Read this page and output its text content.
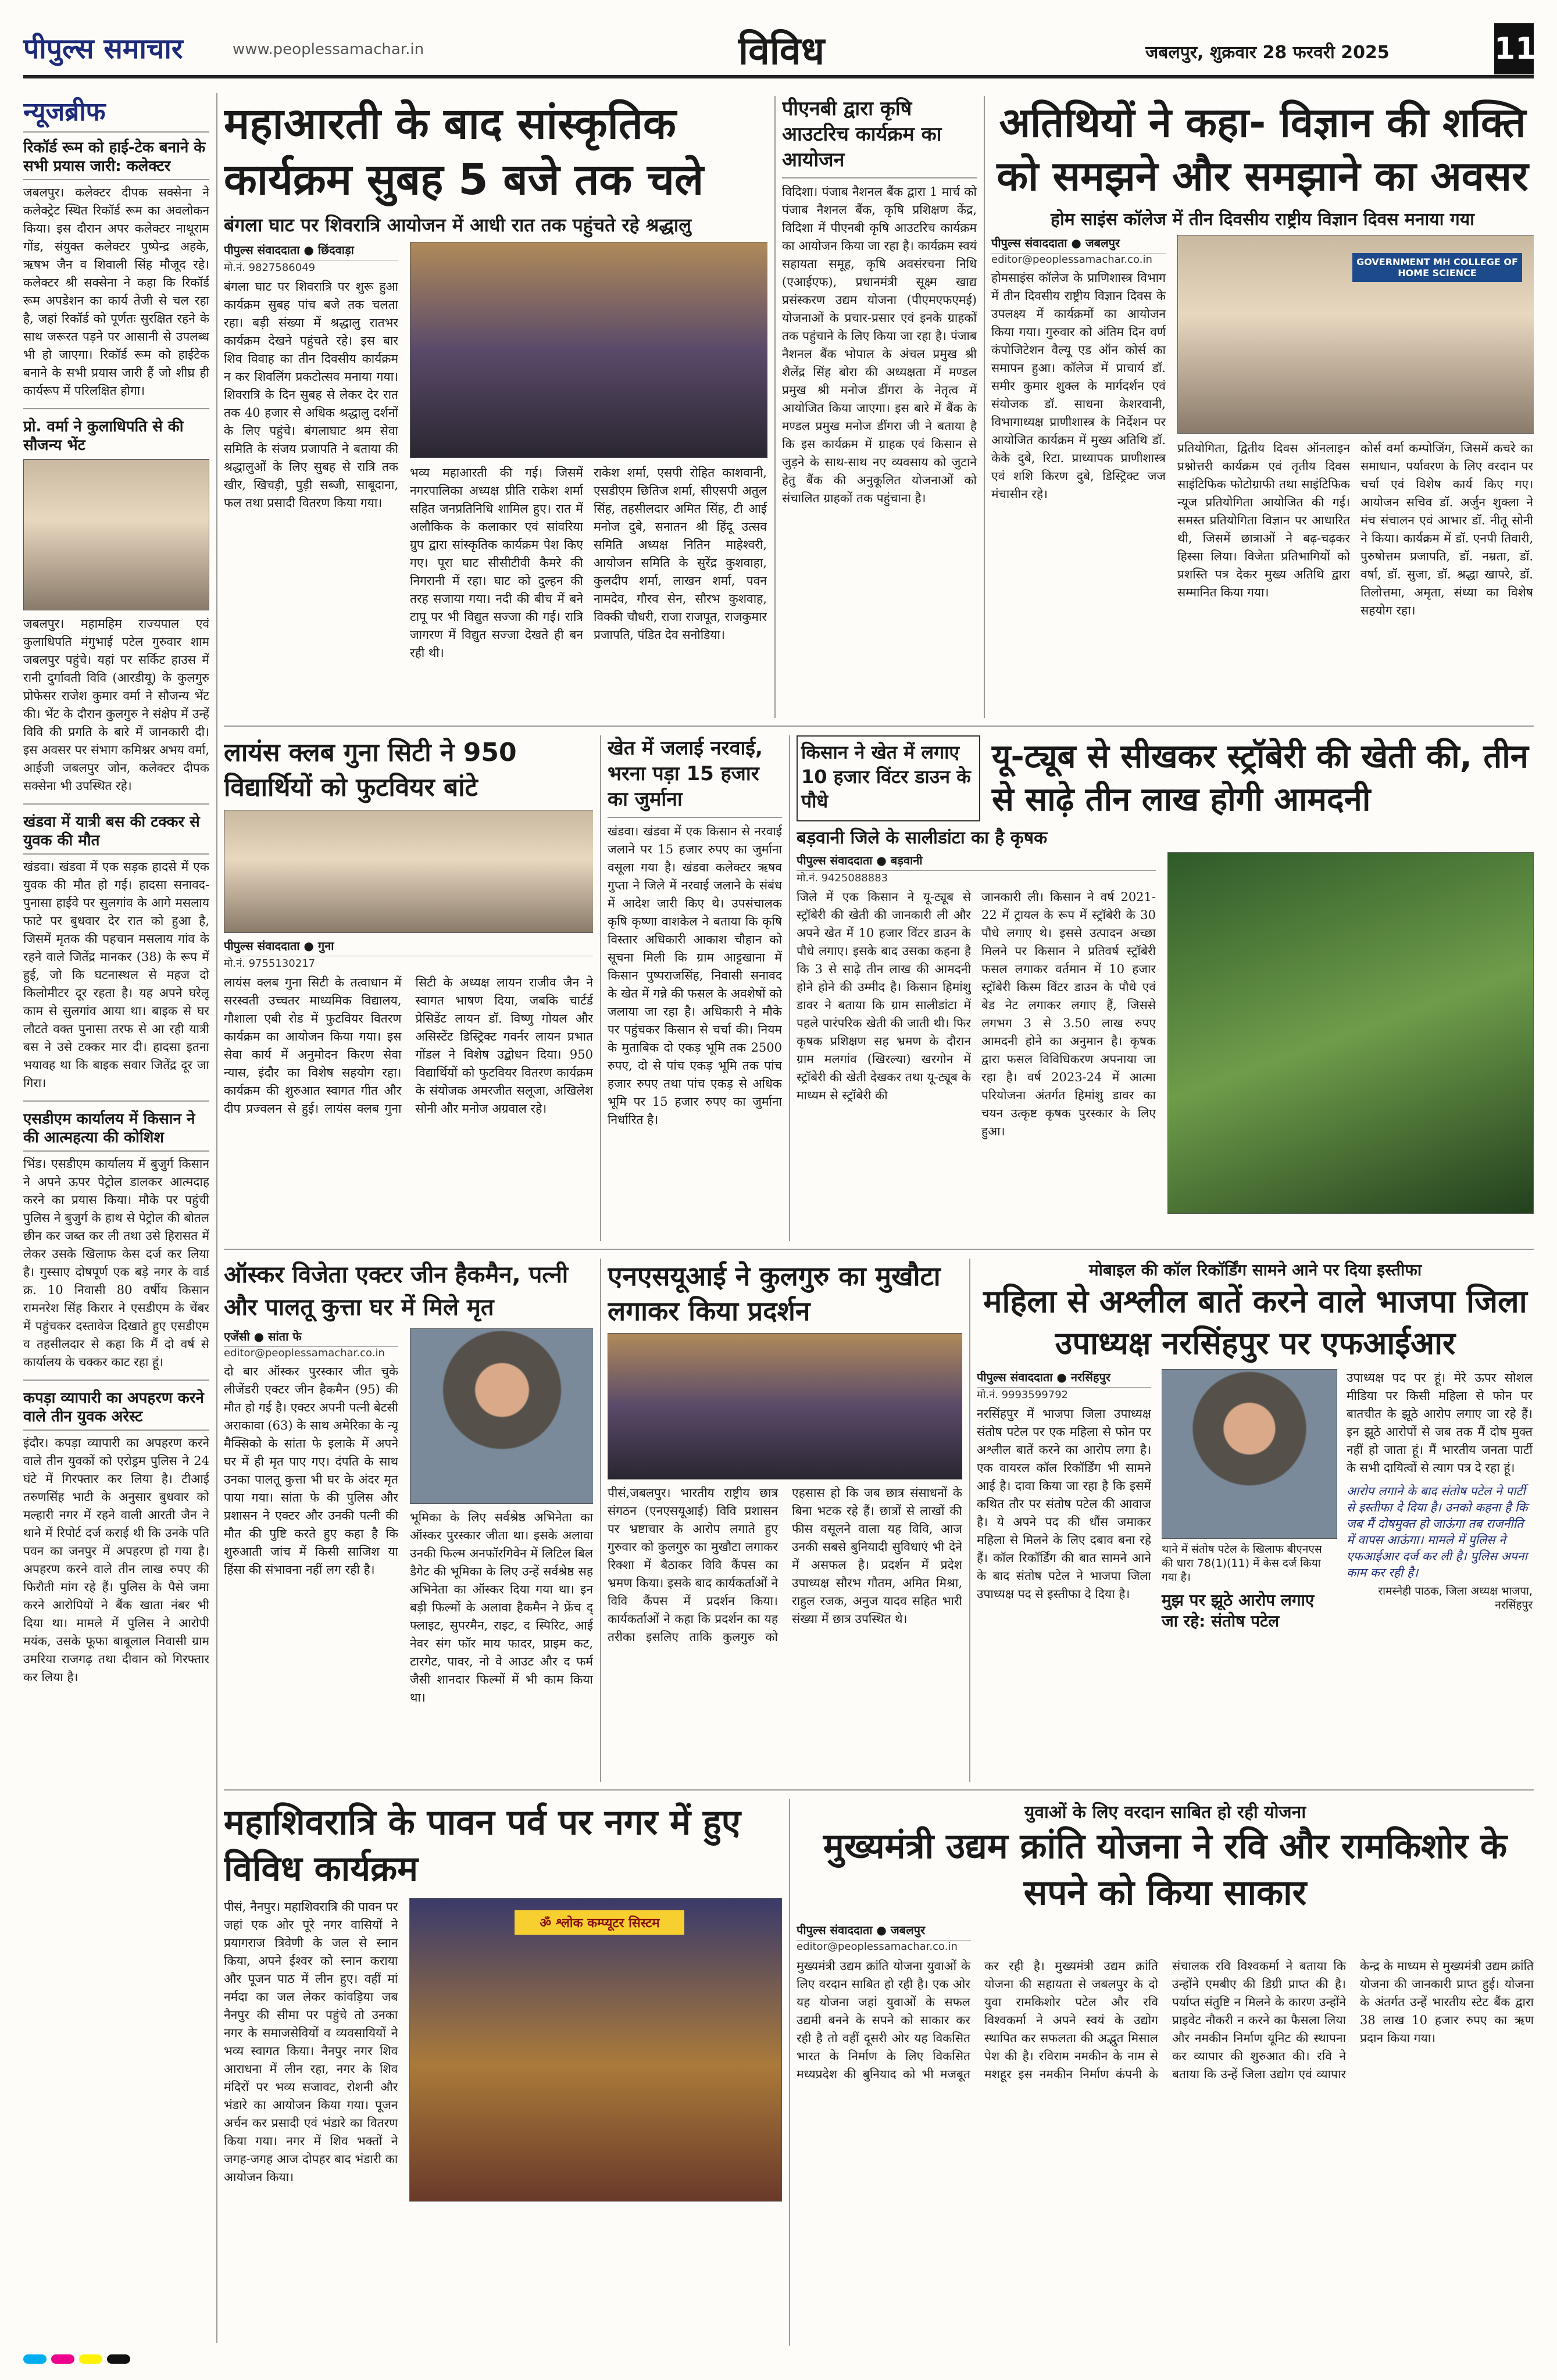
पीपुल्स समाचार	www.peoplessamachar.in	विविध	जबलपुर, शुक्रवार 28 फरवरी 2025	11
न्यूजब्रीफ
रिकॉर्ड रूम को हाई-टेक बनाने के सभी प्रयास जारी: कलेक्टर
जबलपुर। कलेक्टर दीपक सक्सेना ने कलेक्ट्रेट स्थित रिकॉर्ड रूम का अवलोकन किया। इस दौरान अपर कलेक्टर नाथूराम गोंड, संयुक्त कलेक्टर पुष्पेन्द्र अहके, ऋषभ जैन व शिवाली सिंह मौजूद रहे। कलेक्टर श्री सक्सेना ने कहा कि रिकॉर्ड रूम अपडेशन का कार्य तेजी से चल रहा है, जहां रिकॉर्ड को पूर्णतः सुरक्षित रहने के साथ जरूरत पड़ने पर आसानी से उपलब्ध भी हो जाएगा। रिकॉर्ड रूम को हाईटेक बनाने के सभी प्रयास जारी हैं जो शीघ्र ही कार्यरूप में परिलक्षित होगा।
प्रो. वर्मा ने कुलाधिपति से की सौजन्य भेंट
जबलपुर। महामहिम राज्यपाल एवं कुलाधिपति मंगुभाई पटेल गुरुवार शाम जबलपुर पहुंचे। यहां पर सर्किट हाउस में रानी दुर्गावती विवि (आरडीयू) के कुलगुरु प्रोफेसर राजेश कुमार वर्मा ने सौजन्य भेंट की। भेंट के दौरान कुलगुरु ने संक्षेप में उन्हें विवि की प्रगति के बारे में जानकारी दी। इस अवसर पर संभाग कमिश्नर अभय वर्मा, आईजी जबलपुर जोन, कलेक्टर दीपक सक्सेना भी उपस्थित रहे।
खंडवा में यात्री बस की टक्कर से युवक की मौत
खंडवा। खंडवा में एक सड़क हादसे में एक युवक की मौत हो गई। हादसा सनावद-पुनासा हाईवे पर सुलगांव के आगे मसलाय फाटे पर बुधवार देर रात को हुआ है, जिसमें मृतक की पहचान मसलाय गांव के रहने वाले जितेंद्र मानकर (38) के रूप में हुई, जो कि घटनास्थल से महज दो किलोमीटर दूर रहता है। यह अपने घरेलू काम से सुलगांव आया था। बाइक से घर लौटते वक्त पुनासा तरफ से आ रही यात्री बस ने उसे टक्कर मार दी। हादसा इतना भयावह था कि बाइक सवार जितेंद्र दूर जा गिरा।
एसडीएम कार्यालय में किसान ने की आत्महत्या की कोशिश
भिंड। एसडीएम कार्यालय में बुजुर्ग किसान ने अपने ऊपर पेट्रोल डालकर आत्मदाह करने का प्रयास किया। मौके पर पहुंची पुलिस ने बुजुर्ग के हाथ से पेट्रोल की बोतल छीन कर जब्त कर ली तथा उसे हिरासत में लेकर उसके खिलाफ केस दर्ज कर लिया है। गुस्साए दोषपूर्ण एक बड़े नगर के वार्ड क्र. 10 निवासी 80 वर्षीय किसान रामनरेश सिंह किरार ने एसडीएम के चेंबर में पहुंचकर दस्तावेज दिखाते हुए एसडीएम व तहसीलदार से कहा कि मैं दो वर्ष से कार्यालय के चक्कर काट रहा हूं।
कपड़ा व्यापारी का अपहरण करने वाले तीन युवक अरेस्ट
इंदौर। कपड़ा व्यापारी का अपहरण करने वाले तीन युवकों को एरोड्रम पुलिस ने 24 घंटे में गिरफ्तार कर लिया है। टीआई तरुणसिंह भाटी के अनुसार बुधवार को मल्हारी नगर में रहने वाली आरती जैन ने थाने में रिपोर्ट दर्ज कराई थी कि उनके पति पवन का जनपुर में अपहरण हो गया है। अपहरण करने वाले तीन लाख रुपए की फिरौती मांग रहे हैं। पुलिस के पैसे जमा करने आरोपियों ने बैंक खाता नंबर भी दिया था। मामले में पुलिस ने आरोपी मयंक, उसके फूफा बाबूलाल निवासी ग्राम उमरिया राजगढ़ तथा दीवान को गिरफ्तार कर लिया है।
महाआरती के बाद सांस्कृतिक कार्यक्रम सुबह 5 बजे तक चले
बंगला घाट पर शिवरात्रि आयोजन में आधी रात तक पहुंचते रहे श्रद्धालु
पीपुल्स संवाददाता ● छिंदवाड़ा
मो.नं. 9827586049
बंगला घाट पर शिवरात्रि पर शुरू हुआ कार्यक्रम सुबह पांच बजे तक चलता रहा। बड़ी संख्या में श्रद्धालु रातभर कार्यक्रम देखने पहुंचते रहे। इस बार शिव विवाह का तीन दिवसीय कार्यक्रम न कर शिवलिंग प्रकटोत्सव मनाया गया। शिवरात्रि के दिन सुबह से लेकर देर रात तक 40 हजार से अधिक श्रद्धालु दर्शनों के लिए पहुंचे। बंगलाघाट श्रम सेवा समिति के संजय प्रजापति ने बताया की श्रद्धालुओं के लिए सुबह से रात्रि तक खीर, खिचड़ी, पुड़ी सब्जी, साबूदाना, फल तथा प्रसादी वितरण किया गया।
भव्य महाआरती की गई। जिसमें नगरपालिका अध्यक्ष प्रीति राकेश शर्मा सहित जनप्रतिनिधि शामिल हुए। रात में अलौकिक के कलाकार एवं सांवरिया ग्रुप द्वारा सांस्कृतिक कार्यक्रम पेश किए गए। पूरा घाट सीसीटीवी कैमरे की निगरानी में रहा। घाट को दुल्हन की तरह सजाया गया। नदी की बीच में बने टापू पर भी विद्युत सज्जा की गई। रात्रि जागरण में विद्युत सज्जा देखते ही बन रही थी।
राकेश शर्मा, एसपी रोहित काशवानी, एसडीएम छितिज शर्मा, सीएसपी अतुल सिंह, तहसीलदार अमित सिंह, टी आई मनोज दुबे, सनातन श्री हिंदू उत्सव समिति अध्यक्ष नितिन माहेश्वरी, आयोजन समिति के सुरेंद्र कुशवाहा, कुलदीप शर्मा, लाखन शर्मा, पवन नामदेव, गौरव सेन, सौरभ कुशवाह, विक्की चौधरी, राजा राजपूत, राजकुमार प्रजापति, पंडित देव सनोडिया।
पीएनबी द्वारा कृषि आउटरिच कार्यक्रम का आयोजन
विदिशा। पंजाब नैशनल बैंक द्वारा 1 मार्च को पंजाब नैशनल बैंक, कृषि प्रशिक्षण केंद्र, विदिशा में पीएनबी कृषि आउटरिच कार्यक्रम का आयोजन किया जा रहा है। कार्यक्रम स्वयं सहायता समूह, कृषि अवसंरचना निधि (एआईएफ), प्रधानमंत्री सूक्ष्म खाद्य प्रसंस्करण उद्यम योजना (पीएमएफएमई) योजनाओं के प्रचार-प्रसार एवं इनके ग्राहकों तक पहुंचाने के लिए किया जा रहा है। पंजाब नैशनल बैंक भोपाल के अंचल प्रमुख श्री शैलेंद्र सिंह बोरा की अध्यक्षता में मण्डल प्रमुख श्री मनोज डींगरा के नेतृत्व में आयोजित किया जाएगा। इस बारे में बैंक के मण्डल प्रमुख मनोज डींगरा जी ने बताया है कि इस कार्यक्रम में ग्राहक एवं किसान से जुड़ने के साथ-साथ नए व्यवसाय को जुटाने हेतु बैंक की अनुकूलित योजनाओं को संचालित ग्राहकों तक पहुंचाना है।
अतिथियों ने कहा- विज्ञान की शक्ति को समझने और समझाने का अवसर
होम साइंस कॉलेज में तीन दिवसीय राष्ट्रीय विज्ञान दिवस मनाया गया
पीपुल्स संवाददाता ● जबलपुर
editor@peoplessamachar.co.in
होमसाइंस कॉलेज के प्राणिशास्त्र विभाग में तीन दिवसीय राष्ट्रीय विज्ञान दिवस के उपलक्ष्य में कार्यक्रमों का आयोजन किया गया। गुरुवार को अंतिम दिन वर्ण कंपोजिटेशन वैल्यू एड ऑन कोर्स का समापन हुआ। कॉलेज में प्राचार्य डॉ. समीर कुमार शुक्ल के मार्गदर्शन एवं संयोजक डॉ. साधना केशरवानी, विभागाध्यक्ष प्राणीशास्त्र के निर्देशन पर आयोजित कार्यक्रम में मुख्य अतिथि डॉ. केके दुबे, रिटा. प्राध्यापक प्राणीशास्त्र एवं शशि किरण दुबे, डिस्ट्रिक्ट जज मंचासीन रहे।
GOVERNMENT MH COLLEGE OF HOME SCIENCE
प्रतियोगिता, द्वितीय दिवस ऑनलाइन प्रश्नोत्तरी कार्यक्रम एवं तृतीय दिवस साइंटिफिक फोटोग्राफी तथा साइंटिफिक न्यूज प्रतियोगिता आयोजित की गई। समस्त प्रतियोगिता विज्ञान पर आधारित थी, जिसमें छात्राओं ने बढ़-चढ़कर हिस्सा लिया। विजेता प्रतिभागियों को प्रशस्ति पत्र देकर मुख्य अतिथि द्वारा सम्मानित किया गया।
कोर्स वर्मा कम्पोजिंग, जिसमें कचरे का समाधान, पर्यावरण के लिए वरदान पर चर्चा एवं विशेष कार्य किए गए। आयोजन सचिव डॉ. अर्जुन शुक्ला ने मंच संचालन एवं आभार डॉ. नीतू सोनी ने किया। कार्यक्रम में डॉ. एनपी तिवारी, पुरुषोत्तम प्रजापति, डॉ. नम्रता, डॉ. वर्षा, डॉ. सुजा, डॉ. श्रद्धा खापरे, डॉ. तिलोत्तमा, अमृता, संध्या का विशेष सहयोग रहा।
लायंस क्लब गुना सिटी ने 950 विद्यार्थियों को फुटवियर बांटे
पीपुल्स संवाददाता ● गुना
मो.नं. 9755130217
लायंस क्लब गुना सिटी के तत्वाधान में सरस्वती उच्चतर माध्यमिक विद्यालय, गौशाला एबी रोड में फुटवियर वितरण कार्यक्रम का आयोजन किया गया। इस सेवा कार्य में अनुमोदन किरण सेवा न्यास, इंदौर का विशेष सहयोग रहा। कार्यक्रम की शुरुआत स्वागत गीत और दीप प्रज्वलन से हुई। लायंस क्लब गुना सिटी के अध्यक्ष लायन राजीव जैन ने स्वागत भाषण दिया, जबकि चार्टर्ड प्रेसिडेंट लायन डॉ. विष्णु गोयल और असिस्टेंट डिस्ट्रिक्ट गवर्नर लायन प्रभात गोंडल ने विशेष उद्बोधन दिया। 950 विद्यार्थियों को फुटवियर वितरण कार्यक्रम के संयोजक अमरजीत सलूजा, अखिलेश सोनी और मनोज अग्रवाल रहे।
खेत में जलाई नरवाई, भरना पड़ा 15 हजार का जुर्माना
खंडवा। खंडवा में एक किसान से नरवाई जलाने पर 15 हजार रुपए का जुर्माना वसूला गया है। खंडवा कलेक्टर ऋषव गुप्ता ने जिले में नरवाई जलाने के संबंध में आदेश जारी किए थे। उपसंचालक कृषि कृष्णा वाशकेल ने बताया कि कृषि विस्तार अधिकारी आकाश चौहान को सूचना मिली कि ग्राम आट्टखाना में किसान पुष्पराजसिंह, निवासी सनावद के खेत में गन्ने की फसल के अवशेषों को जलाया जा रहा है। अधिकारी ने मौके पर पहुंचकर किसान से चर्चा की। नियम के मुताबिक दो एकड़ भूमि तक 2500 रुपए, दो से पांच एकड़ भूमि तक पांच हजार रुपए तथा पांच एकड़ से अधिक भूमि पर 15 हजार रुपए का जुर्माना निर्धारित है।
किसान ने खेत में लगाए 10 हजार विंटर डाउन के पौधे
यू-ट्यूब से सीखकर स्ट्रॉबेरी की खेती की, तीन से साढ़े तीन लाख होगी आमदनी
बड़वानी जिले के सालीडांटा का है कृषक
पीपुल्स संवाददाता ● बड़वानी
मो.नं. 9425088883
जिले में एक किसान ने यू-ट्यूब से स्ट्रॉबेरी की खेती की जानकारी ली और अपने खेत में 10 हजार विंटर डाउन के पौधे लगाए। इसके बाद उसका कहना है कि 3 से साढ़े तीन लाख की आमदनी होने होने की उम्मीद है। किसान हिमांशु डावर ने बताया कि ग्राम सालीडांटा में पहले पारंपरिक खेती की जाती थी। फिर कृषक प्रशिक्षण सह भ्रमण के दौरान ग्राम मलगांव (खिरल्या) खरगोन में स्ट्रॉबेरी की खेती देखकर तथा यू-ट्यूब के माध्यम से स्ट्रॉबेरी की
जानकारी ली। किसान ने वर्ष 2021-22 में ट्रायल के रूप में स्ट्रॉबेरी के 30 पौधे लगाए थे। इससे उत्पादन अच्छा मिलने पर किसान ने प्रतिवर्ष स्ट्रॉबेरी फसल लगाकर वर्तमान में 10 हजार स्ट्रॉबेरी किस्म विंटर डाउन के पौधे एवं बेड नेट लगाकर लगाए हैं, जिससे लगभग 3 से 3.50 लाख रुपए आमदनी होने का अनुमान है। कृषक द्वारा फसल विविधिकरण अपनाया जा रहा है। वर्ष 2023-24 में आत्मा परियोजना अंतर्गत हिमांशु डावर का चयन उत्कृष्ट कृषक पुरस्कार के लिए हुआ।
ऑस्कर विजेता एक्टर जीन हैकमैन, पत्नी और पालतू कुत्ता घर में मिले मृत
एजेंसी ● सांता फे
editor@peoplessamachar.co.in
दो बार ऑस्कर पुरस्कार जीत चुके लीजेंडरी एक्टर जीन हैकमैन (95) की मौत हो गई है। एक्टर अपनी पत्नी बेटसी अराकावा (63) के साथ अमेरिका के न्यू मैक्सिको के सांता फे इलाके में अपने घर में ही मृत पाए गए। दंपति के साथ उनका पालतू कुत्ता भी घर के अंदर मृत पाया गया। सांता फे की पुलिस और प्रशासन ने एक्टर और उनकी पत्नी की मौत की पुष्टि करते हुए कहा है कि शुरुआती जांच में किसी साजिश या हिंसा की संभावना नहीं लग रही है।
भूमिका के लिए सर्वश्रेष्ठ अभिनेता का ऑस्कर पुरस्कार जीता था। इसके अलावा उनकी फिल्म अनफॉरगिवेन में लिटिल बिल डैगेट की भूमिका के लिए उन्हें सर्वश्रेष्ठ सह अभिनेता का ऑस्कर दिया गया था। इन बड़ी फिल्मों के अलावा हैकमैन ने फ्रेंच द् फ्लाइट, सुपरमैन, राइट, द स्पिरिट, आई नेवर संग फॉर माय फादर, प्राइम कट, टारगेट, पावर, नो वे आउट और द फर्म जैसी शानदार फिल्मों में भी काम किया था।
एनएसयूआई ने कुलगुरु का मुखौटा लगाकर किया प्रदर्शन
पीसं,जबलपुर। भारतीय राष्ट्रीय छात्र संगठन (एनएसयूआई) विवि प्रशासन पर भ्रष्टाचार के आरोप लगाते हुए गुरुवार को कुलगुरु का मुखौटा लगाकर रिक्शा में बैठाकर विवि कैंपस का भ्रमण किया। इसके बाद कार्यकर्ताओं ने विवि कैंपस में प्रदर्शन किया। कार्यकर्ताओं ने कहा कि प्रदर्शन का यह तरीका इसलिए ताकि कुलगुरु को एहसास हो कि जब छात्र संसाधनों के बिना भटक रहे हैं। छात्रों से लाखों की फीस वसूलने वाला यह विवि, आज उनकी सबसे बुनियादी सुविधाएं भी देने में असफल है। प्रदर्शन में प्रदेश उपाध्यक्ष सौरभ गौतम, अमित मिश्रा, राहुल रजक, अनुज यादव सहित भारी संख्या में छात्र उपस्थित थे।
मोबाइल की कॉल रिकॉर्डिंग सामने आने पर दिया इस्तीफा
महिला से अश्लील बातें करने वाले भाजपा जिला उपाध्यक्ष नरसिंहपुर पर एफआईआर
पीपुल्स संवाददाता ● नरसिंहपुर
मो.नं. 9993599792
नरसिंहपुर में भाजपा जिला उपाध्यक्ष संतोष पटेल पर एक महिला से फोन पर अश्लील बातें करने का आरोप लगा है। एक वायरल कॉल रिकॉर्डिंग भी सामने आई है। दावा किया जा रहा है कि इसमें कथित तौर पर संतोष पटेल की आवाज है। ये अपने पद की धौंस जमाकर महिला से मिलने के लिए दबाव बना रहे हैं। कॉल रिकॉर्डिंग की बात सामने आने के बाद संतोष पटेल ने भाजपा जिला उपाध्यक्ष पद से इस्तीफा दे दिया है।
थाने में संतोष पटेल के खिलाफ बीएनएस की धारा 78(1)(11) में केस दर्ज किया गया है।
मुझ पर झूठे आरोप लगाए जा रहे: संतोष पटेल
उपाध्यक्ष पद पर हूं। मेरे ऊपर सोशल मीडिया पर किसी महिला से फोन पर बातचीत के झूठे आरोप लगाए जा रहे हैं। इन झूठे आरोपों से जब तक मैं दोष मुक्त नहीं हो जाता हूं। मैं भारतीय जनता पार्टी के सभी दायित्वों से त्याग पत्र दे रहा हूं।
आरोप लगाने के बाद संतोष पटेल ने पार्टी से इस्तीफा दे दिया है। उनको कहना है कि जब मैं दोषमुक्त हो जाऊंगा तब राजनीति में वापस आऊंगा। मामले में पुलिस ने एफआईआर दर्ज कर ली है। पुलिस अपना काम कर रही है।
रामस्नेही पाठक, जिला अध्यक्ष भाजपा, नरसिंहपुर
महाशिवरात्रि के पावन पर्व पर नगर में हुए विविध कार्यक्रम
पीसं, नैनपुर। महाशिवरात्रि की पावन पर जहां एक ओर पूरे नगर वासियों ने प्रयागराज त्रिवेणी के जल से स्नान किया, अपने ईश्वर को स्नान कराया और पूजन पाठ में लीन हुए। वहीं मां नर्मदा का जल लेकर कांवड़िया जब नैनपुर की सीमा पर पहुंचे तो उनका नगर के समाजसेवियों व व्यवसायियों ने भव्य स्वागत किया। नैनपुर नगर शिव आराधना में लीन रहा, नगर के शिव मंदिरों पर भव्य सजावट, रोशनी और भंडारे का आयोजन किया गया। पूजन अर्चन कर प्रसादी एवं भंडारे का वितरण किया गया। नगर में शिव भक्तों ने जगह-जगह आज दोपहर बाद भंडारी का आयोजन किया।
ॐ श्लोक कम्प्यूटर सिस्टम
युवाओं के लिए वरदान साबित हो रही योजना
मुख्यमंत्री उद्यम क्रांति योजना ने रवि और रामकिशोर के सपने को किया साकार
पीपुल्स संवाददाता ● जबलपुर
editor@peoplessamachar.co.in
मुख्यमंत्री उद्यम क्रांति योजना युवाओं के लिए वरदान साबित हो रही है। एक ओर यह योजना जहां युवाओं के सफल उद्यमी बनने के सपने को साकार कर रही है तो वहीं दूसरी ओर यह विकसित भारत के निर्माण के लिए विकसित मध्यप्रदेश की बुनियाद को भी मजबूत कर रही है। मुख्यमंत्री उद्यम क्रांति योजना की सहायता से जबलपुर के दो युवा रामकिशोर पटेल और रवि विश्वकर्मा ने अपने स्वयं के उद्योग स्थापित कर सफलता की अद्भुत मिसाल पेश की है। रविराम नमकीन के नाम से मशहूर इस नमकीन निर्माण कंपनी के संचालक रवि विश्वकर्मा ने बताया कि उन्होंने एमबीए की डिग्री प्राप्त की है। पर्याप्त संतुष्टि न मिलने के कारण उन्होंने प्राइवेट नौकरी न करने का फैसला लिया और नमकीन निर्माण यूनिट की स्थापना कर व्यापार की शुरुआत की। रवि ने बताया कि उन्हें जिला उद्योग एवं व्यापार केन्द्र के माध्यम से मुख्यमंत्री उद्यम क्रांति योजना की जानकारी प्राप्त हुई। योजना के अंतर्गत उन्हें भारतीय स्टेट बैंक द्वारा 38 लाख 10 हजार रुपए का ऋण प्रदान किया गया।
